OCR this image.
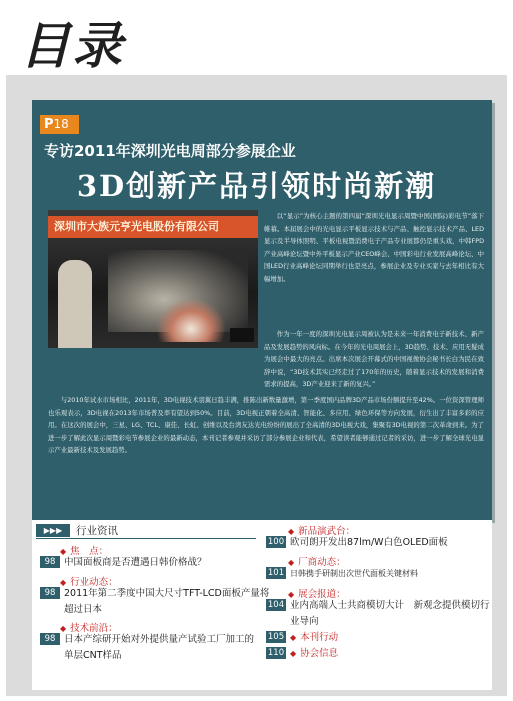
目录
P18
专访2011年深圳光电周部分参展企业
3D创新产品引领时尚新潮
深圳市大族元亨光电股份有限公司

以“显示”为核心主题的第四届“深圳光电显示周暨中国(国际)彩电节”落下帷幕。本届展会中的光电显示平板显示技术与产品、触控显示技术产品、LED显示及半导体照明、平板电视暨消费电子产品专业展都仍是重头戏，中韩FPD产业高峰论坛暨中外平板显示产业CEO峰会、中国彩电行业发展高峰论坛、中国LED行业高峰论坛同期举行也是亮点，参展企业及专业买家与去年相比有大幅增加。

作为一年一度的深圳光电显示周被认为是未来一年消费电子新技术、新产品及发展趋势的风向标。在今年的光电周展会上，3D趋势、技术、应用无疑成为展会中最大的亮点。出席本次展会开幕式的中国视像协会秘书长白为民在致辞中说，“3D技术其实已经走过了170年的历史，随着显示技术的发展和消费需求的提高，3D产业迎来了新的复兴。”

与2010年试水市场相比，2011年，3D电视技术羽翼日趋丰满，推陈出新数量激增，第一季度国内品牌3D产品市场份额提升至42%。一位资深管理师也乐观表示，3D电视在2013年市场普及率有望达到50%。目前，3D电视正朝着全高清、智能化、多应用、绿色环保等方向发展，衍生出了丰富多彩的应用。在这次的展会中，三星、LG、TCL、康佳、长虹、创维以及台湾友达光电纷纷的展出了全高清的3D电视大戏，集聚有3D电视的第二次革命到来。为了进一步了解此次显示周暨彩电节参展企业的最新动态，本刊记者参观并采访了部分参展企业和代表，希望读者能够通过记者的采访，进一步了解全球光电显示产业最新技术及发展趋势。

▶▶▶	行业资讯
◆ 焦　点：
98 中国面板商是否遭遇日韩价格战？
◆ 行业动态：
98 2011年第二季度中国大尺寸TFT-LCD面板产量将
超过日本
◆ 技术前沿：
98 日本产综研开始对外提供量产试验工厂加工的
单层CNT样品
◆ 新品演武台：
100 欧司朗开发出87lm/W白色OLED面板
◆ 厂商动态：
101 日韩携手研制出次世代面板关键材料
◆ 展会报道：
104 业内高端人士共商模切大计　新观念提供模切行
业导向
105 ◆ 本刊行动
110 ◆ 协会信息
